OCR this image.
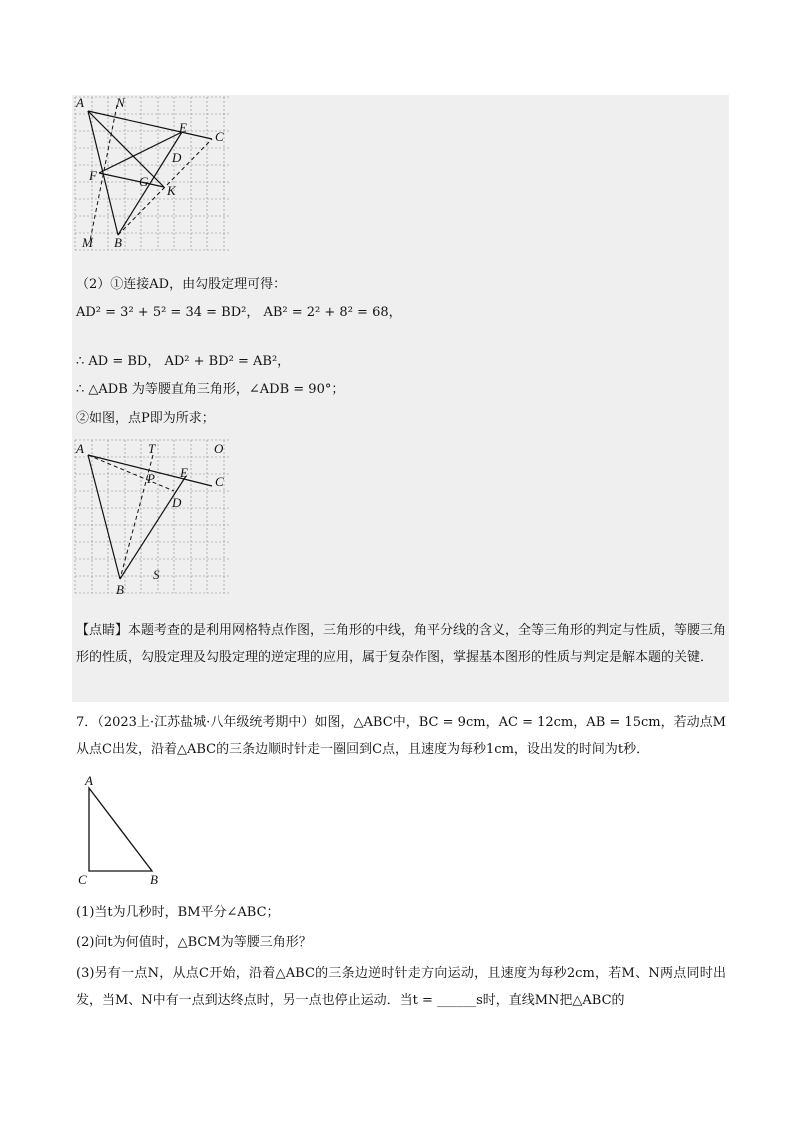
A N
E
C
D
F	G
K
M B
（2）①连接AD，由勾股定理可得：
AD² = 3² + 5² = 34 = BD²， AB² = 2² + 8² = 68，
∴ AD = BD， AD² + BD² = AB²，
∴ △ADB 为等腰直角三角形，∠ADB = 90°；
②如图，点P即为所求；
A	T	O
E
C
P
D
B
S
【点睛】本题考查的是利用网格特点作图，三角形的中线，角平分线的含义，全等三角形的判定与性质，等腰三角形的性质，勾股定理及勾股定理的逆定理的应用，属于复杂作图，掌握基本图形的性质与判定是解本题的关键．
7．（2023上·江苏盐城·八年级统考期中）如图，△ABC中，BC = 9cm，AC = 12cm，AB = 15cm，若动点M从点C出发，沿着△ABC的三条边顺时针走一圈回到C点，且速度为每秒1cm，设出发的时间为t秒．
A
C	B
(1)当t为几秒时，BM平分∠ABC；
(2)问t为何值时，△BCM为等腰三角形？
(3)另有一点N，从点C开始，沿着△ABC的三条边逆时针走方向运动，且速度为每秒2cm，若M、N两点同时出发，当M、N中有一点到达终点时，另一点也停止运动．当t = ______s时，直线MN把△ABC的
